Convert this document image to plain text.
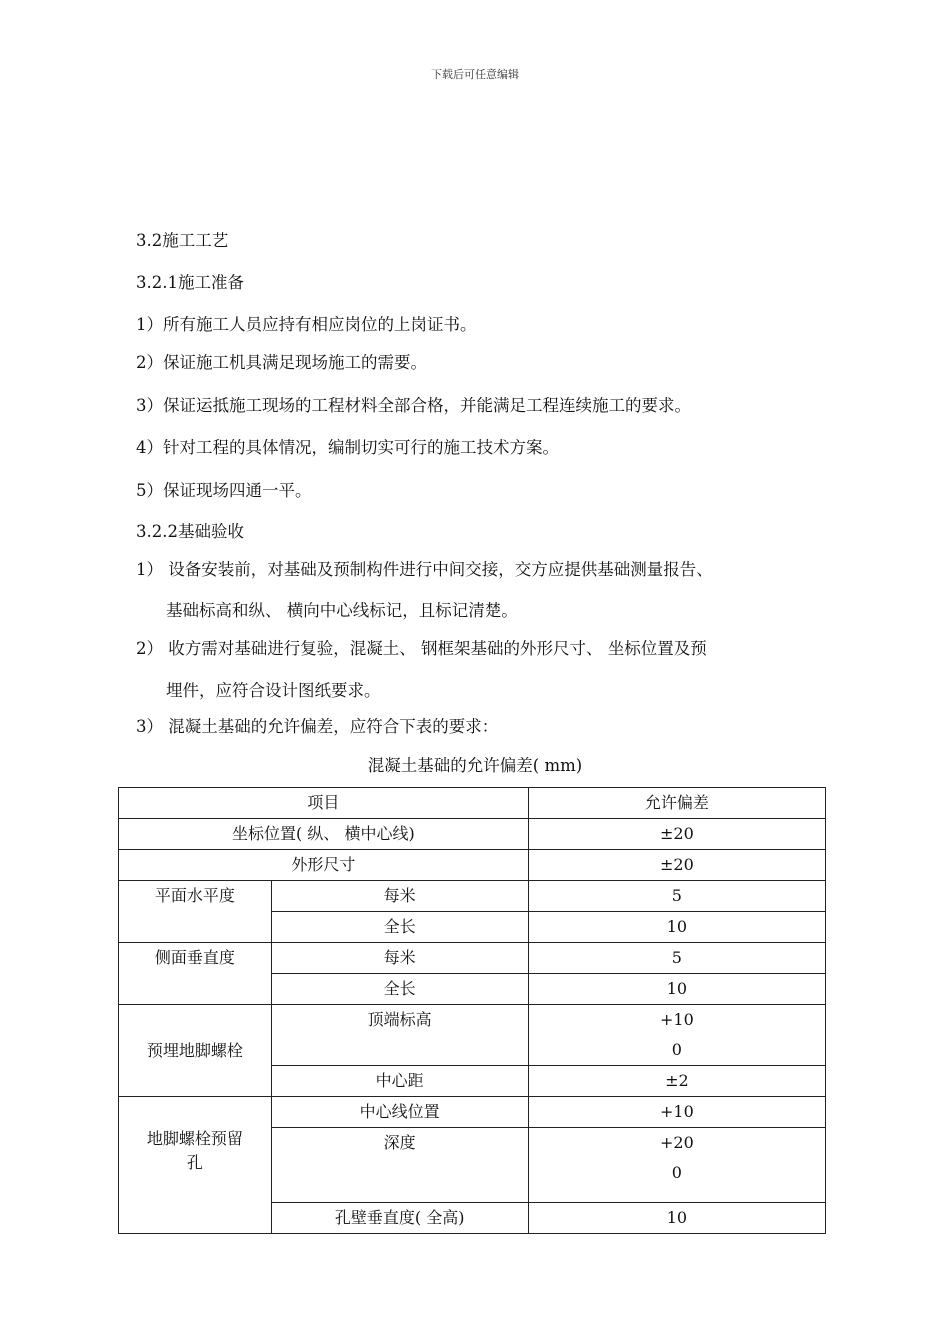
下载后可任意编辑
3.2施工工艺
3.2.1施工准备
1）所有施工人员应持有相应岗位的上岗证书。
2）保证施工机具满足现场施工的需要。
3）保证运抵施工现场的工程材料全部合格，并能满足工程连续施工的要求。
4）针对工程的具体情况，编制切实可行的施工技术方案。
5）保证现场四通一平。
3.2.2基础验收
1） 设备安装前，对基础及预制构件进行中间交接，交方应提供基础测量报告、
基础标高和纵、 横向中心线标记，且标记清楚。
2） 收方需对基础进行复验，混凝土、 钢框架基础的外形尺寸、 坐标位置及预
埋件，应符合设计图纸要求。
3） 混凝土基础的允许偏差，应符合下表的要求：
混凝土基础的允许偏差( mm)
项目		允许偏差
坐标位置( 纵、 横中心线)		±20
外形尺寸		±20
平面水平度	每米	5
	全长	10
侧面垂直度	每米	5
	全长	10
预埋地脚螺栓	顶端标高	+10
0

	中心距	±2
地脚螺栓预留孔	中心线位置	+10
	深度	+20
0

	孔壁垂直度( 全高)	10
